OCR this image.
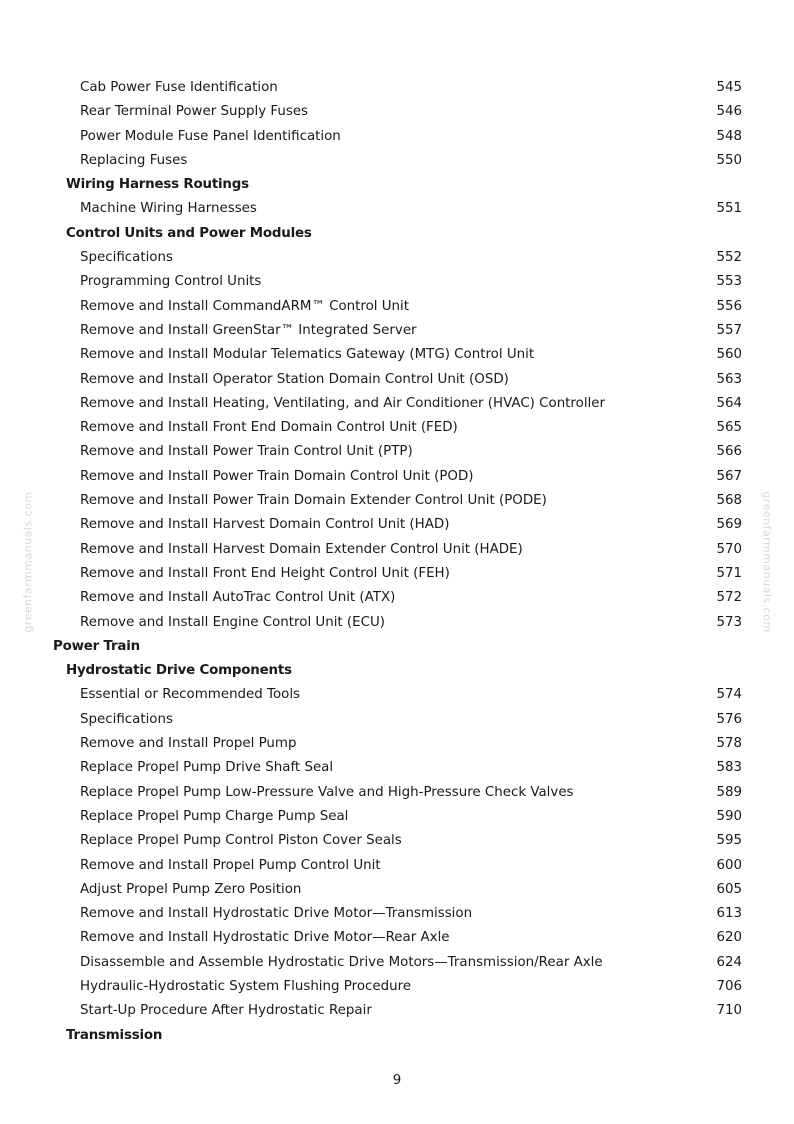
greenfarmmanuals.com	greenfarmmanuals.com
Cab Power Fuse Identification	545
Rear Terminal Power Supply Fuses	546
Power Module Fuse Panel Identification	548
Replacing Fuses	550
Wiring Harness Routings
Machine Wiring Harnesses	551
Control Units and Power Modules
Specifications	552
Programming Control Units	553
Remove and Install CommandARM™ Control Unit	556
Remove and Install GreenStar™ Integrated Server	557
Remove and Install Modular Telematics Gateway (MTG) Control Unit	560
Remove and Install Operator Station Domain Control Unit (OSD)	563
Remove and Install Heating, Ventilating, and Air Conditioner (HVAC) Controller	564
Remove and Install Front End Domain Control Unit (FED)	565
Remove and Install Power Train Control Unit (PTP)	566
Remove and Install Power Train Domain Control Unit (POD)	567
Remove and Install Power Train Domain Extender Control Unit (PODE)	568
Remove and Install Harvest Domain Control Unit (HAD)	569
Remove and Install Harvest Domain Extender Control Unit (HADE)	570
Remove and Install Front End Height Control Unit (FEH)	571
Remove and Install AutoTrac Control Unit (ATX)	572
Remove and Install Engine Control Unit (ECU)	573
Power Train
Hydrostatic Drive Components
Essential or Recommended Tools	574
Specifications	576
Remove and Install Propel Pump	578
Replace Propel Pump Drive Shaft Seal	583
Replace Propel Pump Low-Pressure Valve and High-Pressure Check Valves	589
Replace Propel Pump Charge Pump Seal	590
Replace Propel Pump Control Piston Cover Seals	595
Remove and Install Propel Pump Control Unit	600
Adjust Propel Pump Zero Position	605
Remove and Install Hydrostatic Drive Motor—Transmission	613
Remove and Install Hydrostatic Drive Motor—Rear Axle	620
Disassemble and Assemble Hydrostatic Drive Motors—Transmission/Rear Axle	624
Hydraulic-Hydrostatic System Flushing Procedure	706
Start-Up Procedure After Hydrostatic Repair	710
Transmission
9
